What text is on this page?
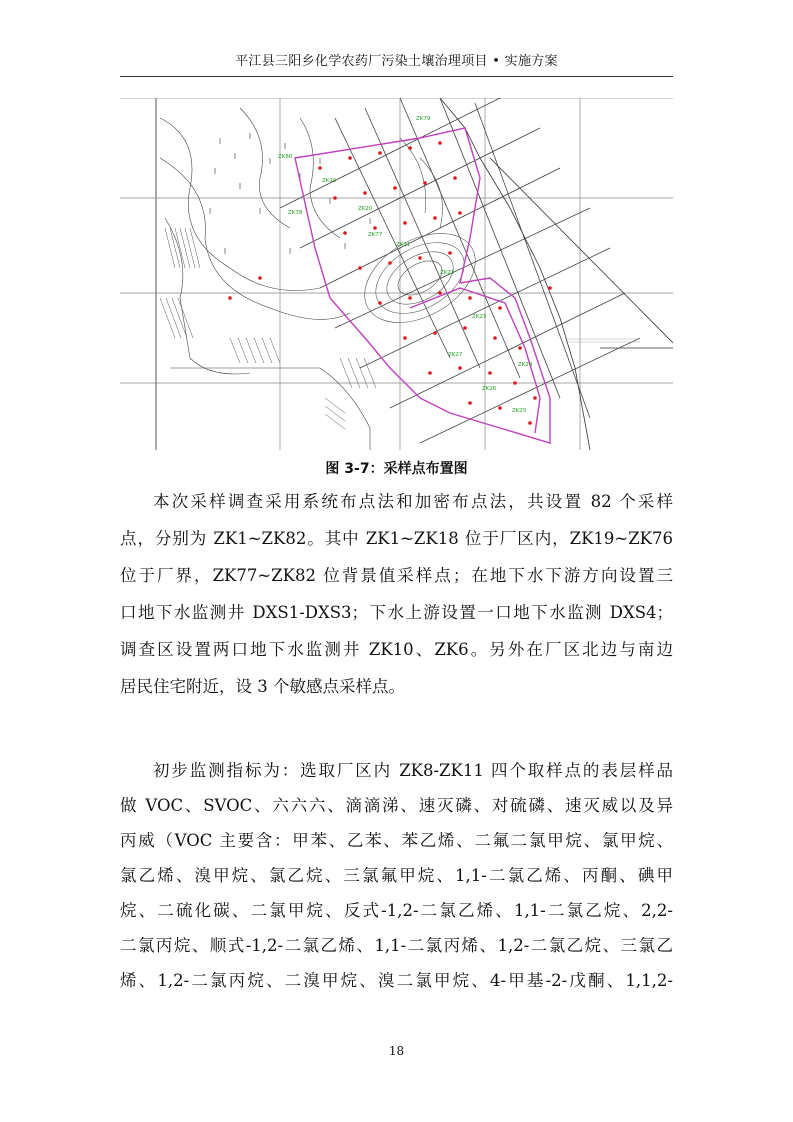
平江县三阳乡化学农药厂污染土壤治理项目 • 实施方案
ZK79
ZK80
ZK78
ZK77
ZK19
ZK20
ZK21
ZK22
ZK23
ZK24
ZK25
ZK26
ZK27
图 3-7：采样点布置图
本次采样调查采用系统布点法和加密布点法，共设置 82 个采样
点，分别为 ZK1~ZK82。其中 ZK1~ZK18 位于厂区内，ZK19~ZK76
位于厂界，ZK77~ZK82 位背景值采样点；在地下水下游方向设置三
口地下水监测井 DXS1-DXS3；下水上游设置一口地下水监测 DXS4；
调查区设置两口地下水监测井 ZK10、ZK6。另外在厂区北边与南边
居民住宅附近，设 3 个敏感点采样点。
初步监测指标为：选取厂区内 ZK8-ZK11 四个取样点的表层样品
做 VOC、SVOC、六六六、滴滴涕、速灭磷、对硫磷、速灭威以及异
丙威（VOC 主要含：甲苯、乙苯、苯乙烯、二氟二氯甲烷、氯甲烷、
氯乙烯、溴甲烷、氯乙烷、三氯氟甲烷、1,1-二氯乙烯、丙酮、碘甲
烷、二硫化碳、二氯甲烷、反式-1,2-二氯乙烯、1,1-二氯乙烷、2,2-
二氯丙烷、顺式-1,2-二氯乙烯、1,1-二氯丙烯、1,2-二氯乙烷、三氯乙
烯、1,2-二氯丙烷、二溴甲烷、溴二氯甲烷、4-甲基-2-戊酮、1,1,2-
18
